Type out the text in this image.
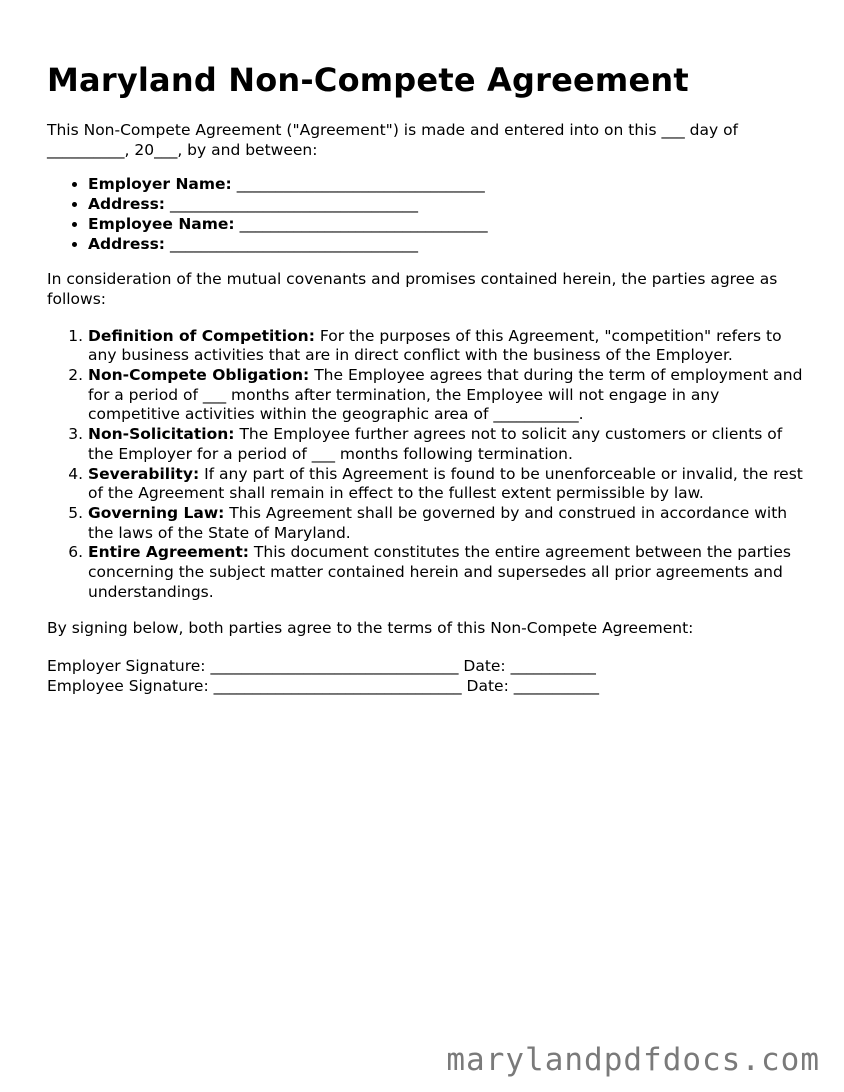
Maryland Non-Compete Agreement

This Non-Compete Agreement ("Agreement") is made and entered into on this ___ day of __________, 20___, by and between:

• Employer Name: ________________________________
• Address: ________________________________
• Employee Name: ________________________________
• Address: ________________________________

In consideration of the mutual covenants and promises contained herein, the parties agree as follows:

1. Definition of Competition: For the purposes of this Agreement, "competition" refers to any business activities that are in direct conflict with the business of the Employer.
2. Non-Compete Obligation: The Employee agrees that during the term of employment and for a period of ___ months after termination, the Employee will not engage in any competitive activities within the geographic area of ___________.
3. Non-Solicitation: The Employee further agrees not to solicit any customers or clients of the Employer for a period of ___ months following termination.
4. Severability: If any part of this Agreement is found to be unenforceable or invalid, the rest of the Agreement shall remain in effect to the fullest extent permissible by law.
5. Governing Law: This Agreement shall be governed by and construed in accordance with the laws of the State of Maryland.
6. Entire Agreement: This document constitutes the entire agreement between the parties concerning the subject matter contained herein and supersedes all prior agreements and understandings.

By signing below, both parties agree to the terms of this Non-Compete Agreement:

Employer Signature: ________________________________ Date: ___________
Employee Signature: ________________________________ Date: ___________
marylandpdfdocs.com
